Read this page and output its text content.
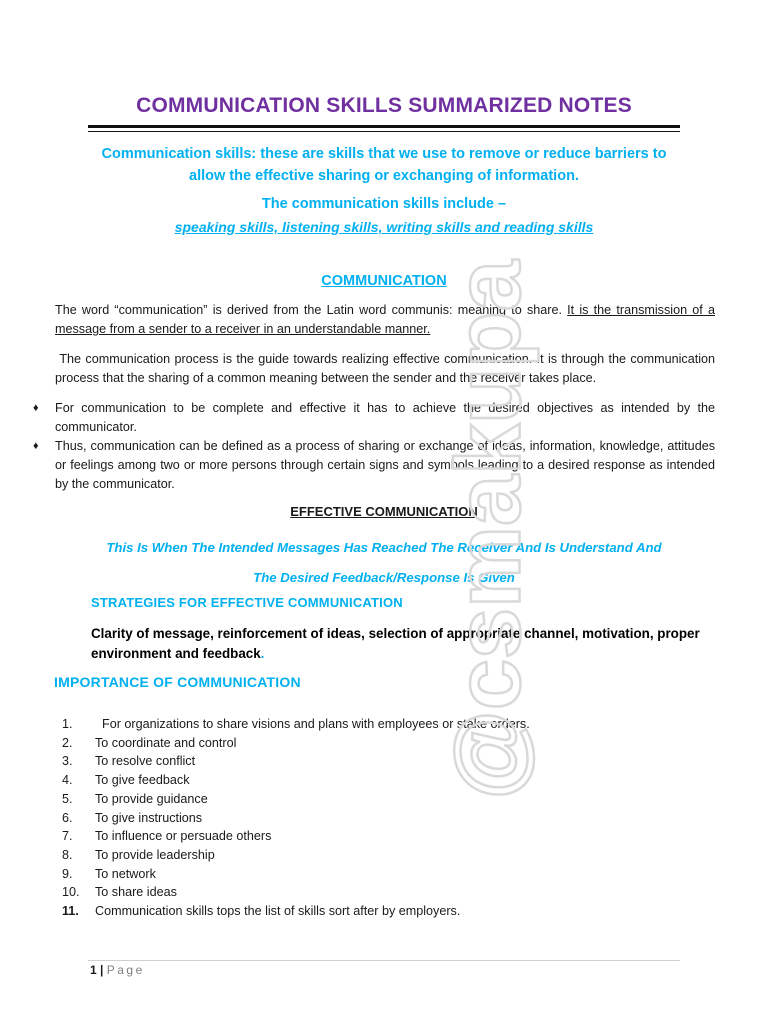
COMMUNICATION SKILLS SUMMARIZED NOTES
Communication skills: these are skills that we use to remove or reduce barriers to
allow the effective sharing or exchanging of information.
The communication skills include –
speaking skills, listening skills, writing skills and reading skills
COMMUNICATION
The word “communication” is derived from the Latin word communis: meaning to share. It is the transmission of a message from a sender to a receiver in an understandable manner.
The communication process is the guide towards realizing effective communication. It is through the communication process that the sharing of a common meaning between the sender and the receiver takes place.
♦ For communication to be complete and effective it has to achieve the desired objectives as intended by the communicator.
♦ Thus, communication can be defined as a process of sharing or exchange of ideas, information, knowledge, attitudes or feelings among two or more persons through certain signs and symbols leading to a desired response as intended by the communicator.
EFFECTIVE COMMUNICATION
This Is When The Intended Messages Has Reached The Receiver And Is Understand And
The Desired Feedback/Response Is Given
STRATEGIES FOR EFFECTIVE COMMUNICATION
Clarity of message, reinforcement of ideas, selection of appropriate channel, motivation, proper environment and feedback.
IMPORTANCE OF COMMUNICATION
1.	For organizations to share visions and plans with employees or stake orders.
2.	To coordinate and control
3.	To resolve conflict
4.	To give feedback
5.	To provide guidance
6.	To give instructions
7.	To influence or persuade others
8.	To provide leadership
9.	To network
10.	To share ideas
11.	Communication skills tops the list of skills sort after by employers.
1 | Page
@csmakupa
